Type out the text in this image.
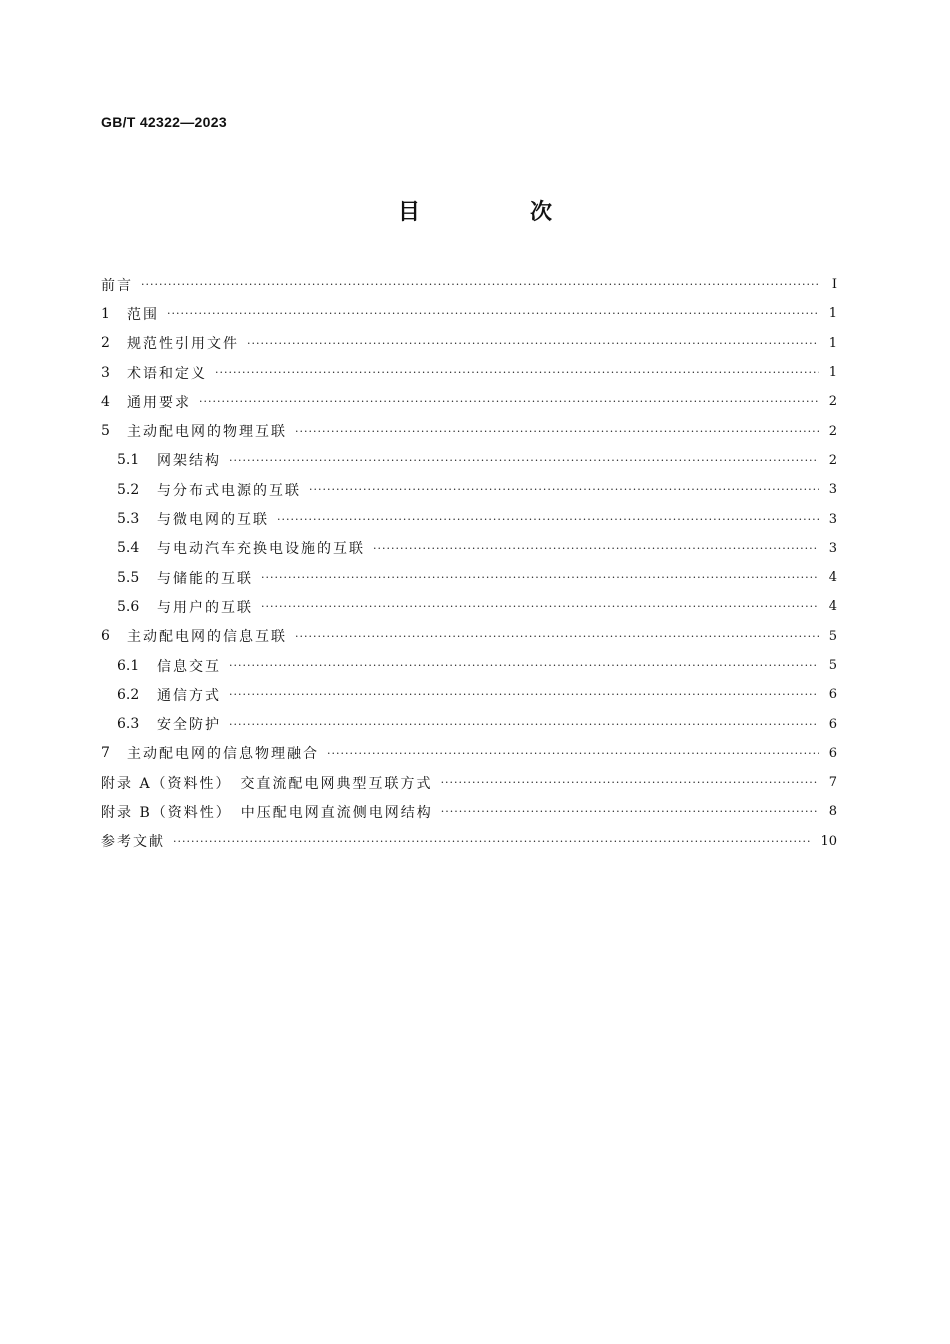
GB/T 42322—2023
目　次
前言 ·····	Ⅰ
1	范围 ·····	1
2	规范性引用文件 ·····	1
3	术语和定义 ·····	1
4	通用要求 ·····	2
5	主动配电网的物理互联 ·····	2
5.1	网架结构 ·····	2
5.2	与分布式电源的互联 ·····	3
5.3	与微电网的互联 ·····	3
5.4	与电动汽车充换电设施的互联 ·····	3
5.5	与储能的互联 ·····	4
5.6	与用户的互联 ·····	4
6	主动配电网的信息互联 ·····	5
6.1	信息交互 ·····	5
6.2	通信方式 ·····	6
6.3	安全防护 ·····	6
7	主动配电网的信息物理融合 ·····	6
附录 A（资料性）　交直流配电网典型互联方式 ·····	7
附录 B（资料性）　中压配电网直流侧电网结构 ·····	8
参考文献 ·····	10
